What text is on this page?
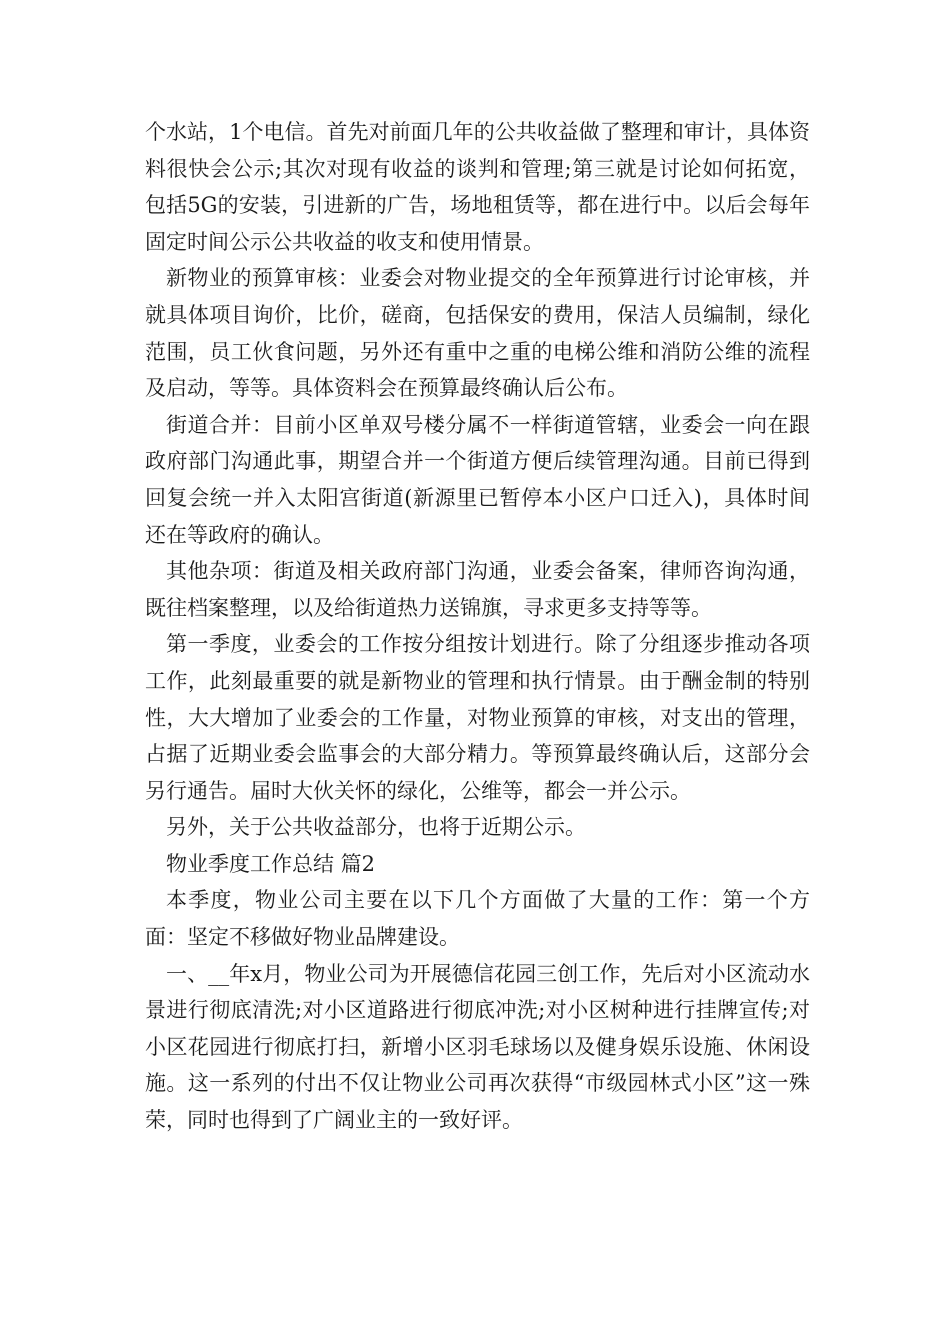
个水站，1个电信。首先对前面几年的公共收益做了整理和审计，具体资料很快会公示;其次对现有收益的谈判和管理;第三就是讨论如何拓宽，包括5G的安装，引进新的广告，场地租赁等，都在进行中。以后会每年固定时间公示公共收益的收支和使用情景。

新物业的预算审核：业委会对物业提交的全年预算进行讨论审核，并就具体项目询价，比价，磋商，包括保安的费用，保洁人员编制，绿化范围，员工伙食问题，另外还有重中之重的电梯公维和消防公维的流程及启动，等等。具体资料会在预算最终确认后公布。

街道合并：目前小区单双号楼分属不一样街道管辖，业委会一向在跟政府部门沟通此事，期望合并一个街道方便后续管理沟通。目前已得到回复会统一并入太阳宫街道(新源里已暂停本小区户口迁入)，具体时间还在等政府的确认。

其他杂项：街道及相关政府部门沟通，业委会备案，律师咨询沟通，既往档案整理，以及给街道热力送锦旗，寻求更多支持等等。

第一季度，业委会的工作按分组按计划进行。除了分组逐步推动各项工作，此刻最重要的就是新物业的管理和执行情景。由于酬金制的特别性，大大增加了业委会的工作量，对物业预算的审核，对支出的管理，占据了近期业委会监事会的大部分精力。等预算最终确认后，这部分会另行通告。届时大伙关怀的绿化，公维等，都会一并公示。

另外，关于公共收益部分，也将于近期公示。

物业季度工作总结 篇2

本季度，物业公司主要在以下几个方面做了大量的工作：第一个方面：坚定不移做好物业品牌建设。

一、__年x月，物业公司为开展德信花园三创工作，先后对小区流动水景进行彻底清洗;对小区道路进行彻底冲洗;对小区树种进行挂牌宣传;对小区花园进行彻底打扫，新增小区羽毛球场以及健身娱乐设施、休闲设施。这一系列的付出不仅让物业公司再次获得“市级园林式小区”这一殊荣，同时也得到了广阔业主的一致好评。
